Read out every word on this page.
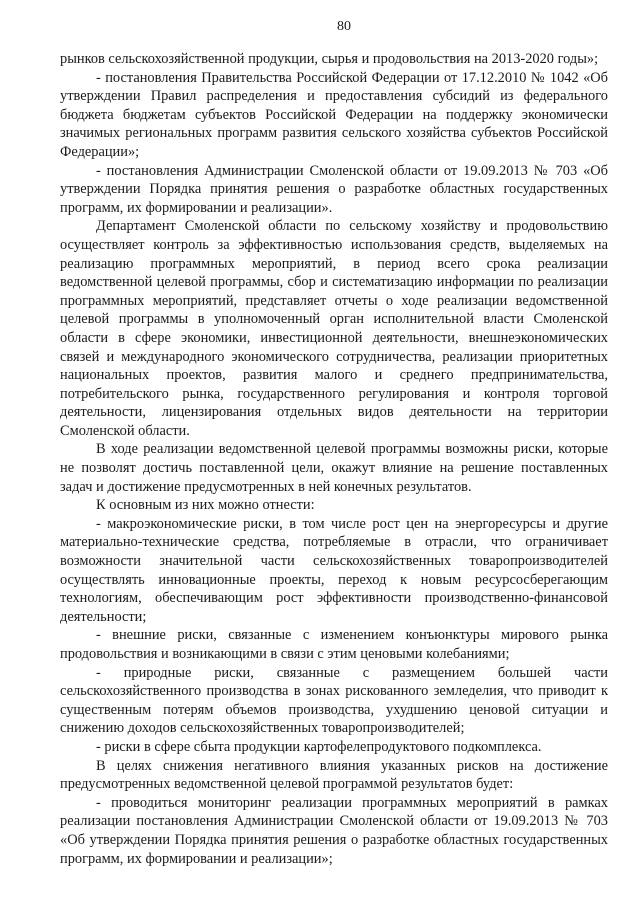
80

рынков сельскохозяйственной продукции, сырья и продовольствия на 2013-2020 годы»;

- постановления Правительства Российской Федерации от 17.12.2010 № 1042 «Об утверждении Правил распределения и предоставления субсидий из федерального бюджета бюджетам субъектов Российской Федерации на поддержку экономически значимых региональных программ развития сельского хозяйства субъектов Российской Федерации»;

- постановления Администрации Смоленской области от 19.09.2013 № 703 «Об утверждении Порядка принятия решения о разработке областных государственных программ, их формировании и реализации».

Департамент Смоленской области по сельскому хозяйству и продовольствию осуществляет контроль за эффективностью использования средств, выделяемых на реализацию программных мероприятий, в период всего срока реализации ведомственной целевой программы, сбор и систематизацию информации по реализации программных мероприятий, представляет отчеты о ходе реализации ведомственной целевой программы в уполномоченный орган исполнительной власти Смоленской области в сфере экономики, инвестиционной деятельности, внешнеэкономических связей и международного экономического сотрудничества, реализации приоритетных национальных проектов, развития малого и среднего предпринимательства, потребительского рынка, государственного регулирования и контроля торговой деятельности, лицензирования отдельных видов деятельности на территории Смоленской области.

В ходе реализации ведомственной целевой программы возможны риски, которые не позволят достичь поставленной цели, окажут влияние на решение поставленных задач и достижение предусмотренных в ней конечных результатов.

К основным из них можно отнести:

- макроэкономические риски, в том числе рост цен на энергоресурсы и другие материально-технические средства, потребляемые в отрасли, что ограничивает возможности значительной части сельскохозяйственных товаропроизводителей осуществлять инновационные проекты, переход к новым ресурсосберегающим технологиям, обеспечивающим рост эффективности производственно-финансовой деятельности;

- внешние риски, связанные с изменением конъюнктуры мирового рынка продовольствия и возникающими в связи с этим ценовыми колебаниями;

- природные риски, связанные с размещением большей части сельскохозяйственного производства в зонах рискованного земледелия, что приводит к существенным потерям объемов производства, ухудшению ценовой ситуации и снижению доходов сельскохозяйственных товаропроизводителей;

- риски в сфере сбыта продукции картофелепродуктового подкомплекса.

В целях снижения негативного влияния указанных рисков на достижение предусмотренных ведомственной целевой программой результатов будет:

- проводиться мониторинг реализации программных мероприятий в рамках реализации постановления Администрации Смоленской области от 19.09.2013 № 703 «Об утверждении Порядка принятия решения о разработке областных государственных программ, их формировании и реализации»;
